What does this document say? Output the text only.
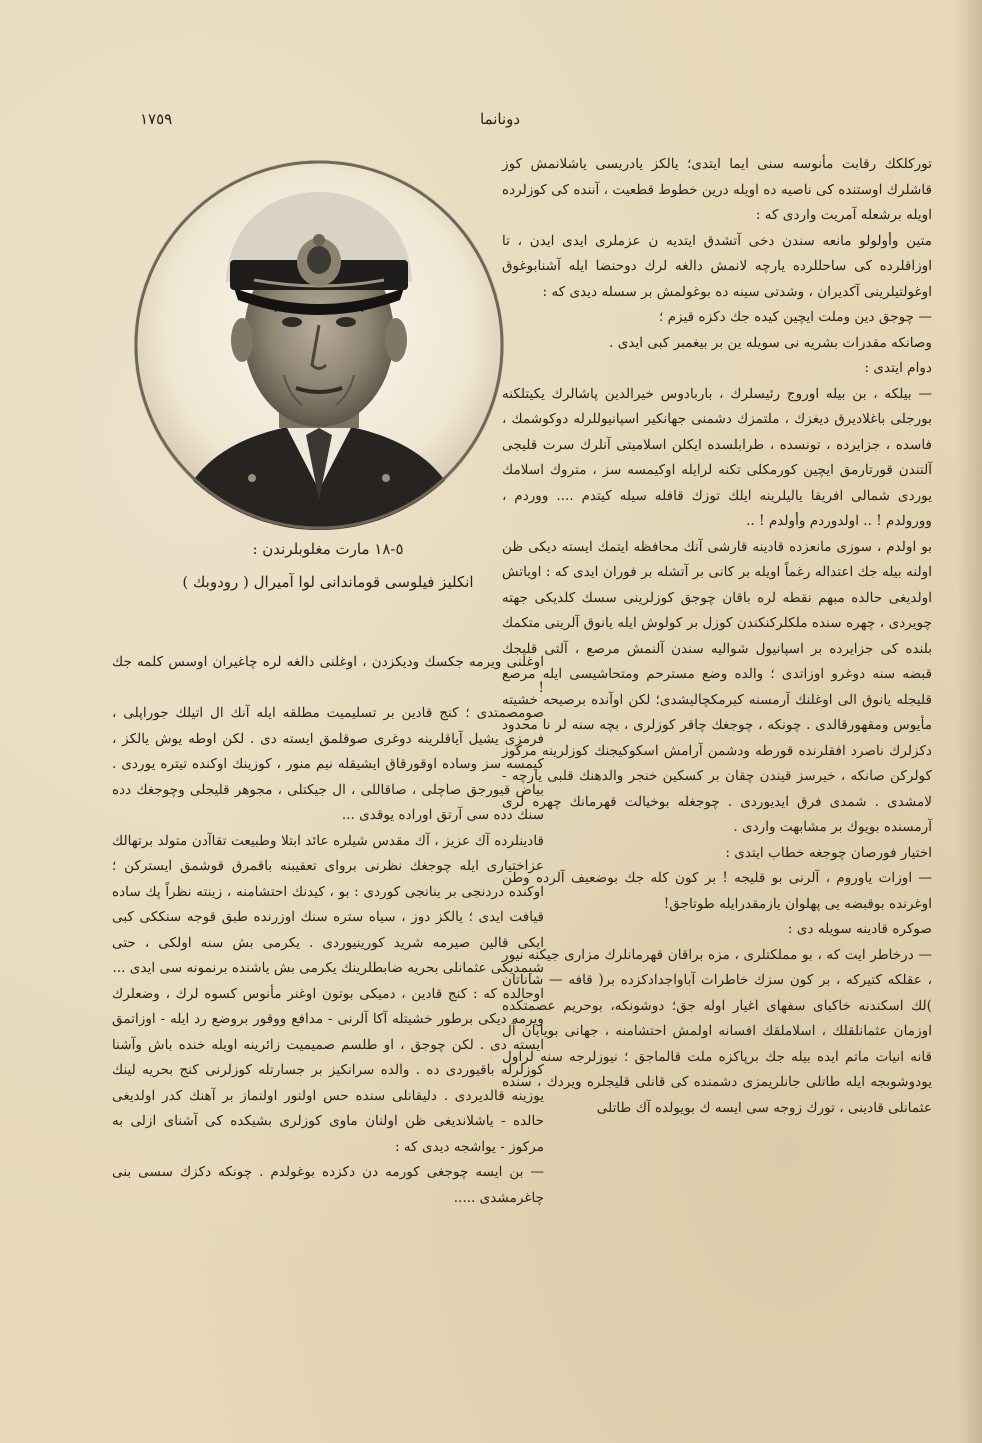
١٧٥٩	دونانما
٥-١٨ مارت مغلوبلرندن :
انكليز فيلوسى قوماندانى لوا آميرال ( رودوبك )

توركلكك رقابت مأنوسه سنى ايما ايتدى؛ يالكز يادريسى ياشلانمش كوز قاشلرك اوستنده كى ناصيه ده اويله درين خطوط قطعيت ، آننده كى كوزلرده اويله برشعله آمريت واردى كه :

متين وأولولو مانعه سندن دخى آتشدق ايتديه ن عزملرى ايدى ايدن ، تا اوزاقلرده كى ساحللرده يارچه لانمش دالغه لرك دوحنضا ايله آشنابوغوق اوغولتيلرينى آكديران ، وشدتى سينه ده بوغولمش بر سسله ديدى كه :

— چوجق دين وملت ايچين كيده جك دكزه قيزم ؛

وصانكه مقدرات بشريه نى سويله ين بر بيغمبر كبى ايدى .

دوام ايتدى :

— بيلكه ، بن بيله اوروج رئيسلرك ، باربادوس خيرالدين پاشالرك يكيتلكنه بورجلى باغلاديرق ديغزك ، ملتمزك دشمنى جهانكير اسپانيوللرله دوكوشمك ، فاسده ، جزايرده ، تونسده ، طرابلسده ايكلن اسلاميتى آنلرك سرت قليجى آلتندن قورتارمق ايچين كورمكلى تكنه لرايله اوكيمسه سز ، متروك اسلامك يوردى شمالى افريقا ياليلرينه ايلك توزك قافله سيله كيتدم .... ووردم ، وورولدم ! .. اولدوردم وأولدم ! ..

بو اولدم ، سوزى مانعزده قادينه قارشى آنك محافظه ايتمك ايسته ديكى ظن اولنه بيله جك اعتداله رغماً اويله بر كانى بر آتشله بر فوران ايدى كه : اوياتش اولديغى حالده مبهم نقطه لره باقان چوجق كوزلرينى سسك كلديكى جهته چويردى ، چهره سنده ملكلركنكندن كوزل بر كولوش ايله يانوق آلرينى متكمك بلنده كى جزايرده بر اسپانيول شواليه سندن آلنمش مرصع ، آلتى قليجك قبضه سنه دوغرو اوزاتدى ؛ والده وضع مسترحم ومتحاشيسى ايله مرصع قليجله يانوق الى اوغلنك آرمسنه كيرمكچاليشدى؛ لكن اوآنده برصيحه خشيته مأيوس ومقهورقالدى . چونكه ، چوجغك چاقر كوزلرى ، بچه سنه لر نا محدود دكزلرك ناصرد افقلرنده قورطه ودشمن آرامش اسكوكيجنك كوزلرينه مركوز كولركن صانكه ، خيرسز قيندن چقان بر كسكين خنجر والدهنك قلبى يارچه - لامشدى . شمدى فرق ايديوردى . چوجغله بوخيالت قهرمانك چهره لرى آرمسنده بويوك بر مشابهت واردى .

اختيار فورصان چوجغه خطاب ايتدى :

— اوزات ياوروم ، آلرنى بو قليجه ! بر كون كله جك بوضعيف آلرده وطن اوغرنده بوقبضه يى پهلوان يازمقدرايله طوتاجق!

صوكره قادينه سويله دى :

— درخاطر ايت كه ، بو مملكتلرى ، مزه براقان قهرمانلرك مزارى جيكنه نيور ، عقلكه كتيركه ، بر كون سزك خاطرات آباواجدادكزده بر( قافه — شاناتان )لك اسكندنه خاكباى سفهاى اغيار اوله جق؛ دوشونكه، بوحريم عصمتكده اوزمان عثمانلقلك ، اسلاملقك افسانه اولمش احتشامنه ، جهانى بويايان آل قانه انيات ماتم ايده بيله جك برپاكزه ملت قالماجق ؛ نيوزلرجه سنه لراول يودوشوبجه ايله طاتلى جانلريمزى دشمنده كى قانلى قليجلره ويردك ، سنده عثمانلى قادينى ، تورك زوجه سى ايسه ك بويولده آك طاتلى

اوغلنى ويرمه جكسك وديكزدن ، اوغلنى دالغه لره چاغيران اوسس كلمه جك !

صومصمتدى ؛ كنج قادين بر تسليميت مطلقه ايله آنك ال اتيلك جوراپلى ، فرمزى يشيل آياقلرينه دوغرى صوقلمق ايسته دى . لكن اوطه يوش يالكز ، كيمسه سز وساده اوقورقاق ايشيقله نيم منور ، كوزينك اوكنده تيتره يوردى . بياض قيورجق صاچلى ، صاقاللى ، ال جيكتلى ، مجوهر قليجلى وچوجغك دده سنك دده سى آرتق اوراده يوقدى ...

قادينلرده آك عزيز ، آك مقدس شيلره عائد ابتلا وطبيعت تقاآدن متولد برتهالك عزاختيارى ايله چوجغك نظرنى برواى تعقيبنه باقمرق قوشمق ايستركن ؛ اوكنده دردنجى بر ينانجى كوردى : بو ، كيدنك احتشامنه ، زينته نظراً پك ساده قيافت ايدى ؛ يالكز دوز ، سياه ستره سنك اوزرنده طبق قوجه سنككى كبى ايكى قالين صيرمه شريد كورينيوردى . يكرمى بش سنه اولكى ، حتى شيمديكى عثمانلى بحريه ضابطلرينك يكرمى بش ياشنده برنمونه سى ايدى ...

اوحالده كه : كنج قادين ، دميكى بوتون اوغنر مأنوس كسوه لرك ، وضعلرك ويرمه ديكى برطور خشيتله آكا آلرنى - مدافع ووقور بروضع رد ايله - اوزاتمق ايسته دى . لكن چوجق ، او طلسم صميميت زائرينه اويله خنده باش وآشنا كوزلرله باقيوردى ده . والده سرانكيز بر جسارتله كوزلرنى كنج بحريه لينك يوزينه قالديردى . دليقانلى سنده حس اولنور اولنماز بر آهنك كدر اولديغى حالده - ياشلانديغى ظن اولنان ماوى كوزلرى بشيكده كى آشناى ازلى به مركوز - يواشجه ديدى كه :

— بن ايسه چوجغى كورمه دن دكزده بوغولدم . چونكه دكزك سسى بنى چاغرمشدى .....
